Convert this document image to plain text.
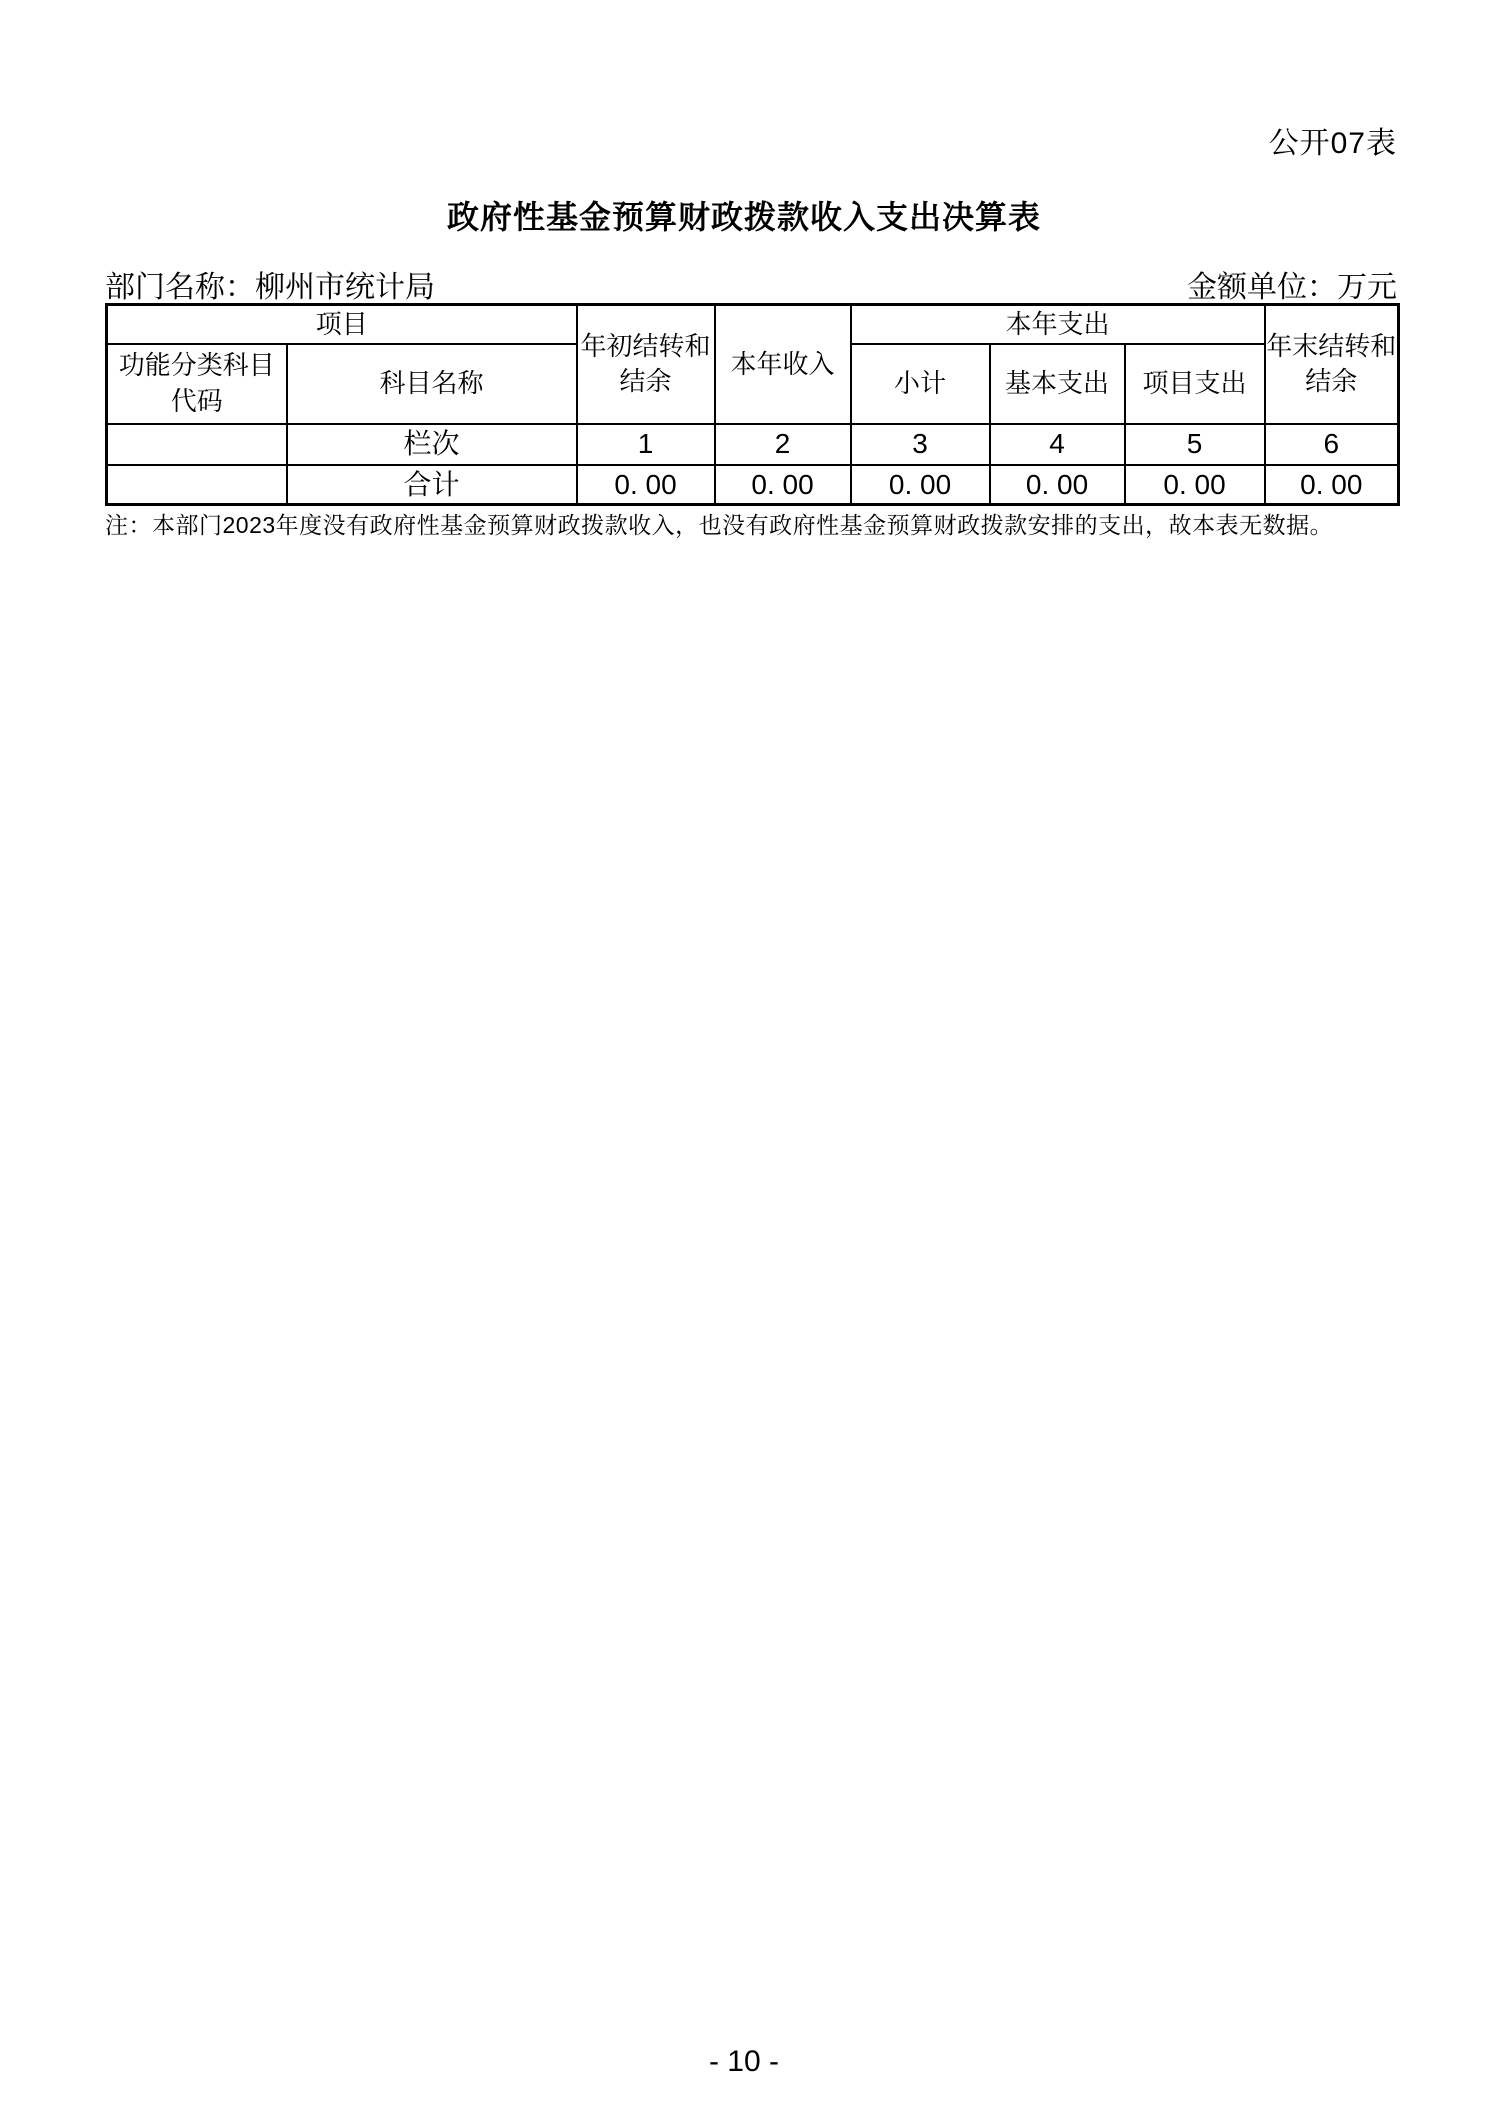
公开07表
政府性基金预算财政拨款收入支出决算表
部门名称：柳州市统计局	金额单位：万元
项目		年初结转和结余	本年收入	本年支出			年末结转和结余
功能分类科目代码	科目名称			小计	基本支出	项目支出	
	栏次	1	2	3	4	5	6
	合计	0. 00	0. 00	0. 00	0. 00	0. 00	0. 00
注：本部门2023年度没有政府性基金预算财政拨款收入，也没有政府性基金预算财政拨款安排的支出，故本表无数据。
- 10 -
